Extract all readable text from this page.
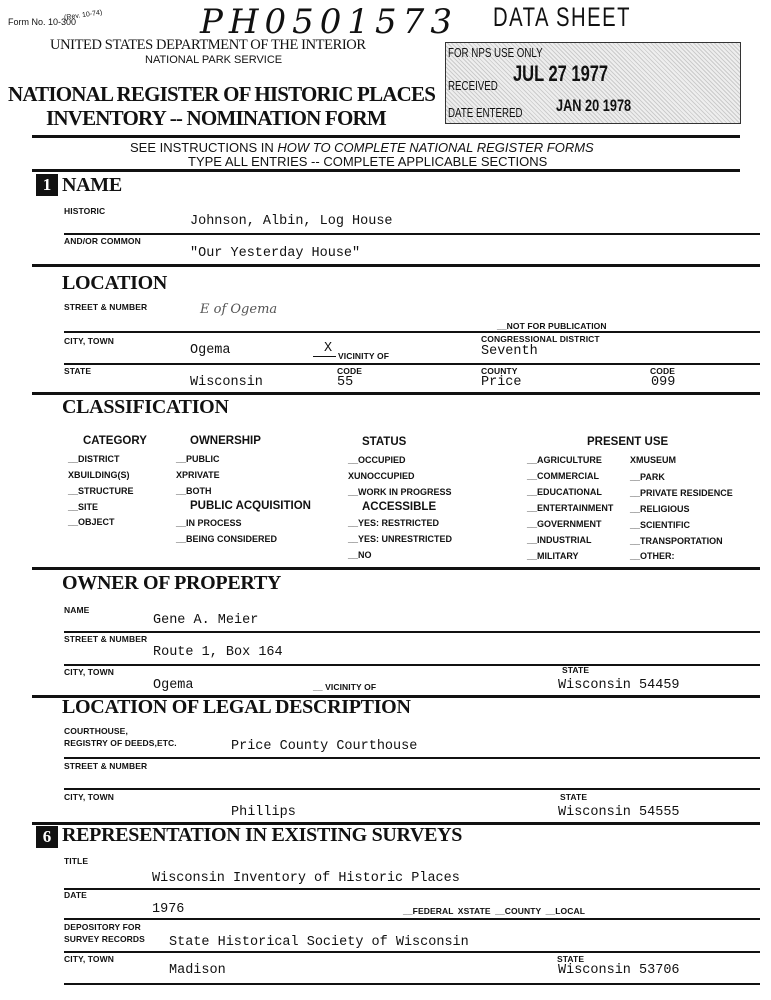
Form No. 10-300
(Rev. 10-74)	PH0501573 DATA SHEET
UNITED STATES DEPARTMENT OF THE INTERIOR
NATIONAL PARK SERVICE
NATIONAL REGISTER OF HISTORIC PLACES
INVENTORY -- NOMINATION FORM
FOR NPS USE ONLY
RECEIVED JUL 27 1977
DATE ENTERED JAN 20 1978
SEE INSTRUCTIONS IN HOW TO COMPLETE NATIONAL REGISTER FORMS
TYPE ALL ENTRIES -- COMPLETE APPLICABLE SECTIONS
1 NAME
HISTORIC
Johnson, Albin, Log House
AND/OR COMMON
"Our Yesterday House"
LOCATION
STREET & NUMBER	E of Ogema
__NOT FOR PUBLICATION
CITY, TOWN	CONGRESSIONAL DISTRICT
Ogema	X VICINITY OF	Seventh
STATE	CODE	COUNTY	CODE
Wisconsin	55	Price	099
CLASSIFICATION
CATEGORY	OWNERSHIP	STATUS	PRESENT USE
PUBLIC ACQUISITION	ACCESSIBLE
__DISTRICT
XBUILDING(S)
__STRUCTURE
__SITE
__OBJECT
__PUBLIC
XPRIVATE
__BOTH
__IN PROCESS
__BEING CONSIDERED
__OCCUPIED
XUNOCCUPIED
__WORK IN PROGRESS
__YES: RESTRICTED
__YES: UNRESTRICTED
__NO
__AGRICULTURE
__COMMERCIAL
__EDUCATIONAL
__ENTERTAINMENT
__GOVERNMENT
__INDUSTRIAL
__MILITARY
XMUSEUM
__PARK
__PRIVATE RESIDENCE
__RELIGIOUS
__SCIENTIFIC
__TRANSPORTATION
__OTHER:
OWNER OF PROPERTY
NAME
Gene A. Meier
STREET & NUMBER
Route 1, Box 164
CITY, TOWN	STATE
Ogema	__ VICINITY OF	Wisconsin 54459
LOCATION OF LEGAL DESCRIPTION
COURTHOUSE,
REGISTRY OF DEEDS,ETC.	Price County Courthouse
STREET & NUMBER
CITY, TOWN	STATE
Phillips	Wisconsin 54555
6 REPRESENTATION IN EXISTING SURVEYS
TITLE
Wisconsin Inventory of Historic Places
DATE
1976	__FEDERAL XSTATE __COUNTY __LOCAL
DEPOSITORY FOR
SURVEY RECORDS State Historical Society of Wisconsin
CITY, TOWN	STATE
Madison	Wisconsin 53706
